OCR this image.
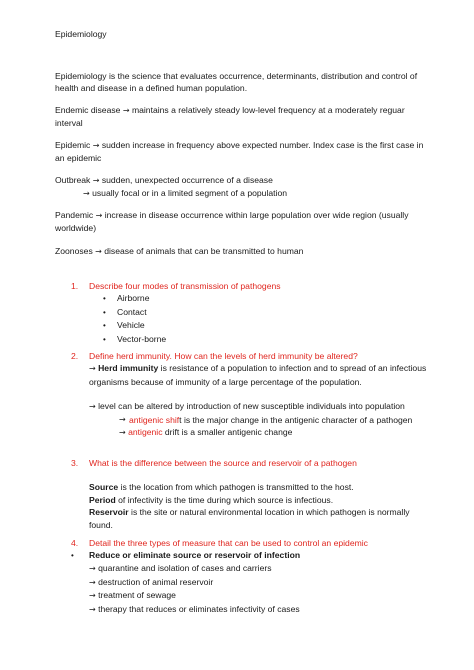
Epidemiology
Epidemiology is the science that evaluates occurrence, determinants, distribution and control of health and disease in a defined human population.
Endemic disease → maintains a relatively steady low-level frequency at a moderately reguar interval
Epidemic → sudden increase in frequency above expected number. Index case is the first case in an epidemic
Outbreak → sudden, unexpected occurrence of a disease
→ usually focal or in a limited segment of a population
Pandemic → increase in disease occurrence within large population over wide region (usually worldwide)
Zoonoses → disease of animals that can be transmitted to human
1. Describe four modes of transmission of pathogens
•	Airborne
•	Contact
•	Vehicle
•	Vector-borne
2. Define herd immunity. How can the levels of herd immunity be altered?
→ Herd immunity is resistance of a population to infection and to spread of an infectious organisms because of immunity of a large percentage of the population.
→ level can be altered by introduction of new susceptible individuals into population
→ antigenic shift is the major change in the antigenic character of a pathogen
→ antigenic drift is a smaller antigenic change
3. What is the difference between the source and reservoir of a pathogen
Source is the location from which pathogen is transmitted to the host.
Period of infectivity is the time during which source is infectious.
Reservoir is the site or natural environmental location in which pathogen is normally found.
4. Detail the three types of measure that can be used to control an epidemic
•	Reduce or eliminate source or reservoir of infection
→ quarantine and isolation of cases and carriers
→ destruction of animal reservoir
→ treatment of sewage
→ therapy that reduces or eliminates infectivity of cases
